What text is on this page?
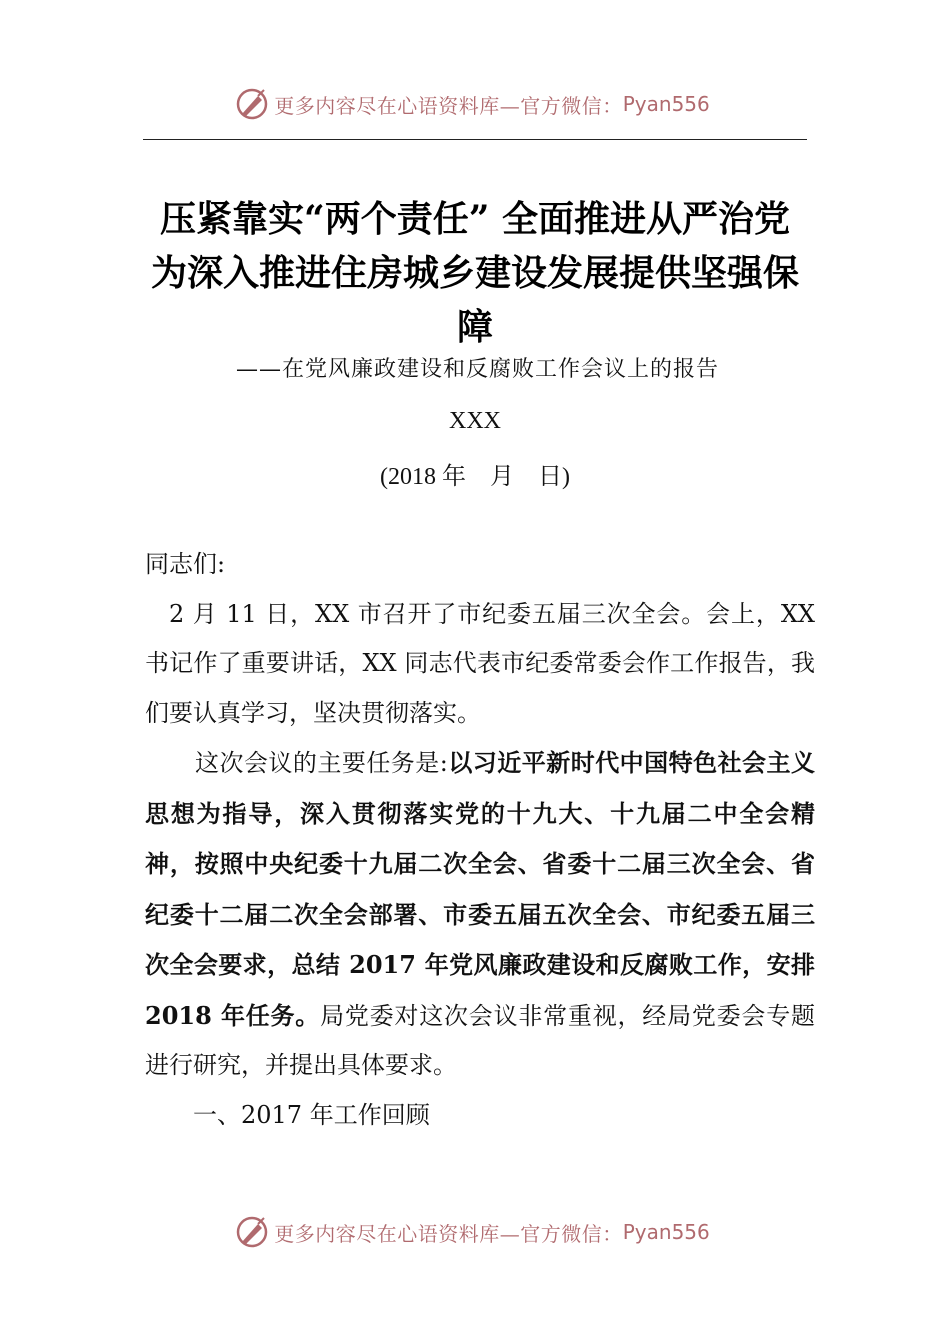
更多内容尽在心语资料库—官方微信： Pyan556
压紧靠实“两个责任” 全面推进从严治党
为深入推进住房城乡建设发展提供坚强保
障
——在党风廉政建设和反腐败工作会议上的报告
XXX
(2018 年    月    日)

同志们:

2 月 11 日，XX 市召开了市纪委五届三次全会。会上，XX 书记作了重要讲话，XX 同志代表市纪委常委会作工作报告，我们要认真学习，坚决贯彻落实。

这次会议的主要任务是:以习近平新时代中国特色社会主义思想为指导，深入贯彻落实党的十九大、十九届二中全会精神，按照中央纪委十九届二次全会、省委十二届三次全会、省纪委十二届二次全会部署、市委五届五次全会、市纪委五届三次全会要求，总结 2017 年党风廉政建设和反腐败工作，安排 2018 年任务。局党委对这次会议非常重视，经局党委会专题进行研究，并提出具体要求。

一、2017 年工作回顾

更多内容尽在心语资料库—官方微信： Pyan556
